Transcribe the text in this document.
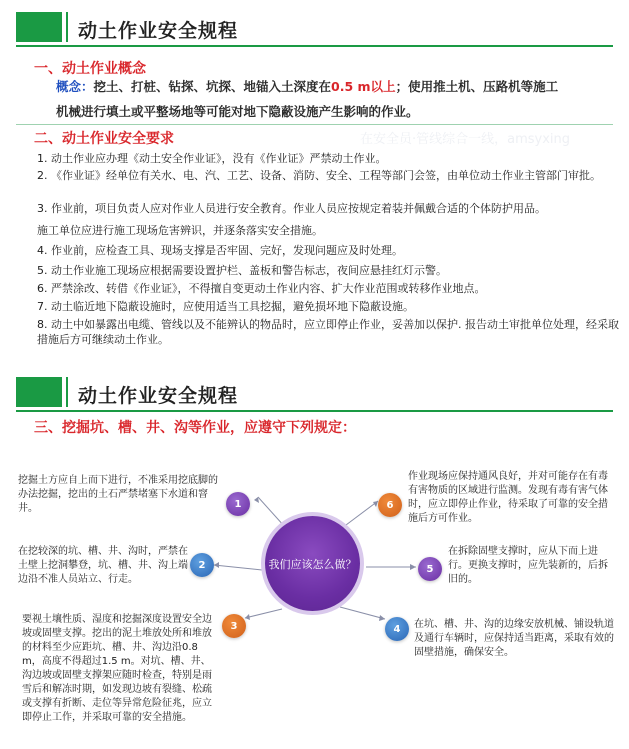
动土作业安全规程
一、动土作业概念
概念：挖土、打桩、钻探、坑探、地锚入土深度在0.5 m以上；使用推土机、压路机等施工
机械进行填土或平整场地等可能对地下隐蔽设施产生影响的作业。
在安全员·管线综合一线，amsyxing
二、动土作业安全要求
1. 动土作业应办理《动土安全作业证》，没有《作业证》严禁动土作业。
2. 《作业证》经单位有关水、电、汽、工艺、设备、消防、安全、工程等部门会签，由单位动土作业主管部门审批。
3. 作业前，项目负责人应对作业人员进行安全教育。作业人员应按规定着装并佩戴合适的个体防护用品。
施工单位应进行施工现场危害辨识，并逐条落实安全措施。
4. 作业前，应检查工具、现场支撑是否牢固、完好，发现问题应及时处理。
5. 动土作业施工现场应根据需要设置护栏、盖板和警告标志，夜间应悬挂红灯示警。
6. 严禁涂改、转借《作业证》，不得擅自变更动土作业内容、扩大作业范围或转移作业地点。
7. 动土临近地下隐蔽设施时，应使用适当工具挖掘，避免损坏地下隐蔽设施。
8. 动土中如暴露出电缆、管线以及不能辨认的物品时，应立即停止作业，妥善加以保护. 报告动土审批单位处理，经采取措施后方可继续动土作业。
动土作业安全规程
三、挖掘坑、槽、井、沟等作业，应遵守下列规定：
我们应该怎么做？
1
2
3	4
5
6
挖掘土方应自上而下进行，不准采用挖底脚的办法挖掘，挖出的土石严禁堵塞下水道和窨井。
在挖较深的坑、槽、井、沟时，严禁在土壁上挖洞攀登，坑、槽、井、沟上端边沿不准人员站立、行走。
要视土壤性质、湿度和挖掘深度设置安全边坡或固壁支撑。挖出的泥土堆放处所和堆放的材料至少应距坑、槽、井、沟边沿0.8 m，高度不得超过1.5 m。对坑、槽、井、沟边坡或固壁支撑架应随时检查，特别是雨雪后和解冻时期，如发现边坡有裂缝、松疏或支撑有折断、走位等异常危险征兆，应立即停止工作，并采取可靠的安全措施。
在坑、槽、井、沟的边缘安放机械、铺设轨道及通行车辆时，应保持适当距离，采取有效的固壁措施，确保安全。
在拆除固壁支撑时，应从下而上进行。更换支撑时，应先装新的，后拆旧的。
作业现场应保持通风良好，并对可能存在有毒有害物质的区域进行监测。发现有毒有害气体时，应立即停止作业，待采取了可靠的安全措施后方可作业。
